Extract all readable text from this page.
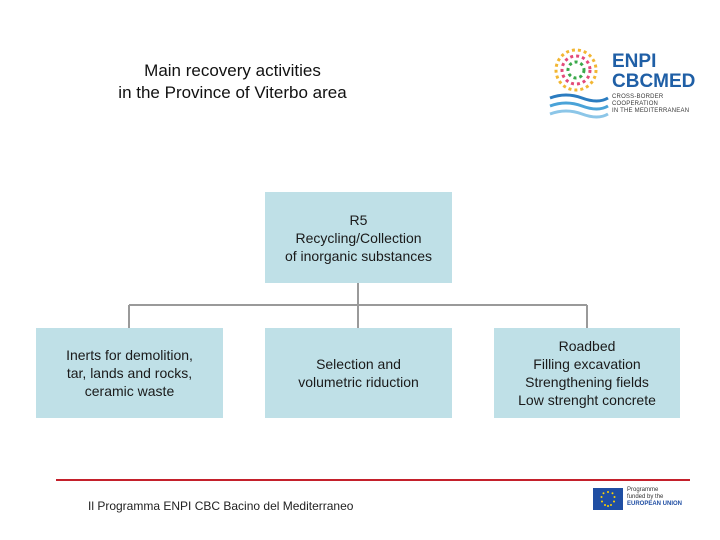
Main recovery activities
in the Province of Viterbo area
ENPI
CBCMED
CROSS-BORDER COOPERATION
IN THE MEDITERRANEAN
R5
Recycling/Collection
of inorganic substances
Inerts for demolition,
tar, lands and rocks,
ceramic waste
Selection and
volumetric riduction
Roadbed
Filling excavation
Strengthening fields
Low strenght concrete
Il Programma ENPI CBC Bacino del Mediterraneo
Programme
funded by the
EUROPEAN UNION
